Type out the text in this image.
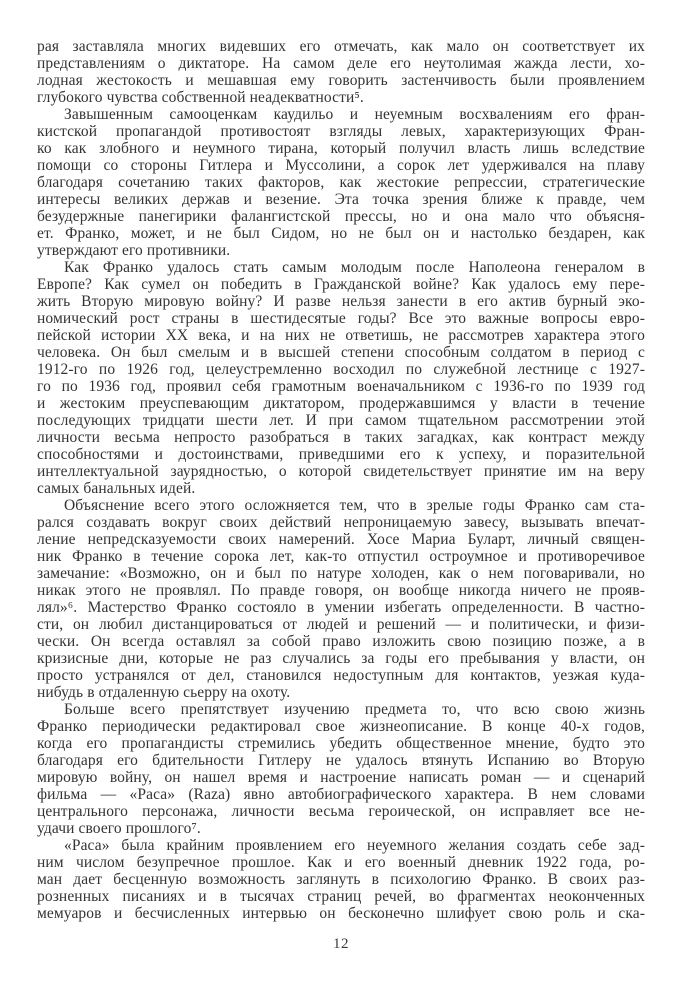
рая заставляла многих видевших его отмечать, как мало он соответствует их
представлениям о диктаторе. На самом деле его неутолимая жажда лести, хо-
лодная жестокость и мешавшая ему говорить застенчивость были проявлением
глубокого чувства собственной неадекватности⁵.
Завышенным самооценкам каудильо и неуемным восхвалениям его фран-
кистской пропагандой противостоят взгляды левых, характеризующих Фран-
ко как злобного и неумного тирана, который получил власть лишь вследствие
помощи со стороны Гитлера и Муссолини, а сорок лет удерживался на плаву
благодаря сочетанию таких факторов, как жестокие репрессии, стратегические
интересы великих держав и везение. Эта точка зрения ближе к правде, чем
безудержные панегирики фалангистской прессы, но и она мало что объясня-
ет. Франко, может, и не был Сидом, но не был он и настолько бездарен, как
утверждают его противники.
Как Франко удалось стать самым молодым после Наполеона генералом в
Европе? Как сумел он победить в Гражданской войне? Как удалось ему пере-
жить Вторую мировую войну? И разве нельзя занести в его актив бурный эко-
номический рост страны в шестидесятые годы? Все это важные вопросы евро-
пейской истории XX века, и на них не ответишь, не рассмотрев характера этого
человека. Он был смелым и в высшей степени способным солдатом в период с
1912-го по 1926 год, целеустремленно восходил по служебной лестнице с 1927-
го по 1936 год, проявил себя грамотным военачальником с 1936-го по 1939 год
и жестоким преуспевающим диктатором, продержавшимся у власти в течение
последующих тридцати шести лет. И при самом тщательном рассмотрении этой
личности весьма непросто разобраться в таких загадках, как контраст между
способностями и достоинствами, приведшими его к успеху, и поразительной
интеллектуальной заурядностью, о которой свидетельствует принятие им на веру
самых банальных идей.
Объяснение всего этого осложняется тем, что в зрелые годы Франко сам ста-
рался создавать вокруг своих действий непроницаемую завесу, вызывать впечат-
ление непредсказуемости своих намерений. Хосе Мариа Буларт, личный священ-
ник Франко в течение сорока лет, как-то отпустил остроумное и противоречивое
замечание: «Возможно, он и был по натуре холоден, как о нем поговаривали, но
никак этого не проявлял. По правде говоря, он вообще никогда ничего не прояв-
лял»⁶. Мастерство Франко состояло в умении избегать определенности. В частно-
сти, он любил дистанцироваться от людей и решений — и политически, и физи-
чески. Он всегда оставлял за собой право изложить свою позицию позже, а в
кризисные дни, которые не раз случались за годы его пребывания у власти, он
просто устранялся от дел, становился недоступным для контактов, уезжая куда-
нибудь в отдаленную сьерру на охоту.
Больше всего препятствует изучению предмета то, что всю свою жизнь
Франко периодически редактировал свое жизнеописание. В конце 40-х годов,
когда его пропагандисты стремились убедить общественное мнение, будто это
благодаря его бдительности Гитлеру не удалось втянуть Испанию во Вторую
мировую войну, он нашел время и настроение написать роман — и сценарий
фильма — «Раса» (Raza) явно автобиографического характера. В нем словами
центрального персонажа, личности весьма героической, он исправляет все не-
удачи своего прошлого⁷.
«Раса» была крайним проявлением его неуемного желания создать себе зад-
ним числом безупречное прошлое. Как и его военный дневник 1922 года, ро-
ман дает бесценную возможность заглянуть в психологию Франко. В своих раз-
розненных писаниях и в тысячах страниц речей, во фрагментах неоконченных
мемуаров и бесчисленных интервью он бесконечно шлифует свою роль и ска-
12
